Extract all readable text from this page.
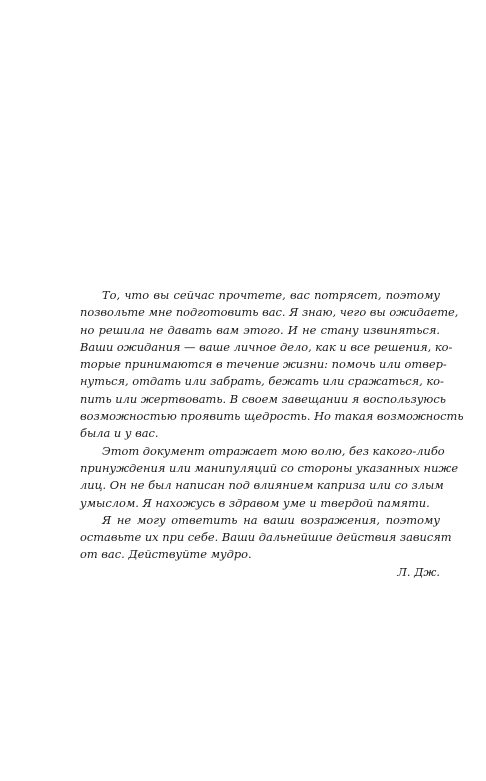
То, что вы сейчас прочтете, вас потрясет, поэтому
позвольте мне подготовить вас. Я знаю, чего вы ожидаете,
но решила не давать вам этого. И не стану извиняться.
Ваши ожидания — ваше личное дело, как и все решения, ко-
торые принимаются в течение жизни: помочь или отвер-
нуться, отдать или забрать, бежать или сражаться, ко-
пить или жертвовать. В своем завещании я воспользуюсь
возможностью проявить щедрость. Но такая возможность
была и у вас.
Этот документ отражает мою волю, без какого-либо
принуждения или манипуляций со стороны указанных ниже
лиц. Он не был написан под влиянием каприза или со злым
умыслом. Я нахожусь в здравом уме и твердой памяти.
Я не могу ответить на ваши возражения, поэтому
оставьте их при себе. Ваши дальнейшие действия зависят
от вас. Действуйте мудро.
Л. Дж.
